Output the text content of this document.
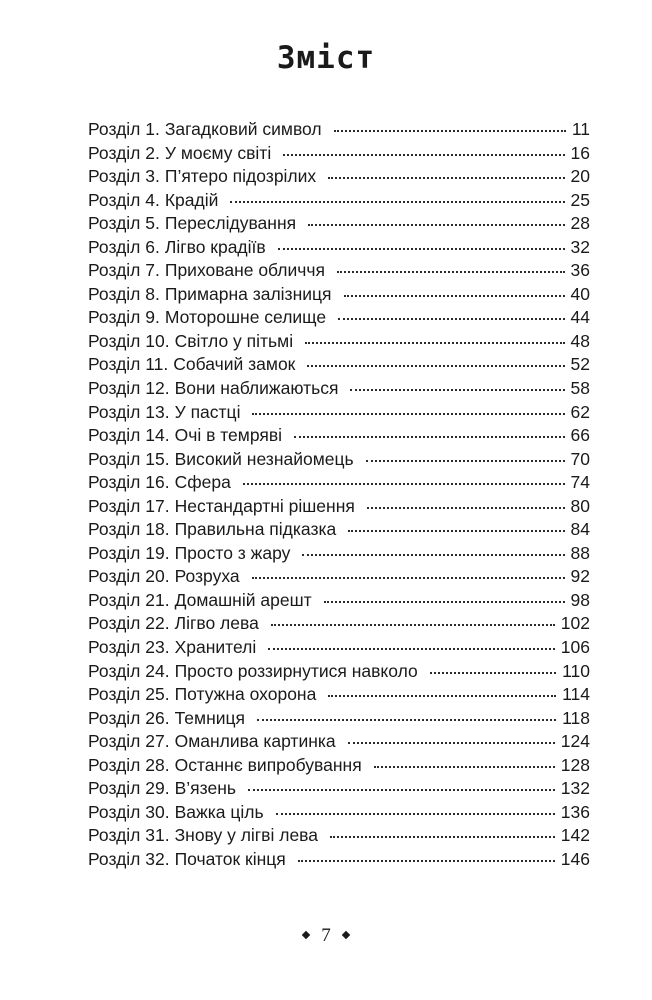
Зміст
Розділ 1. Загадковий символ	11
Розділ 2. У моєму світі	16
Розділ 3. П’ятеро підозрілих	20
Розділ 4. Крадій	25
Розділ 5. Переслідування	28
Розділ 6. Лігво крадіїв	32
Розділ 7. Приховане обличчя	36
Розділ 8. Примарна залізниця	40
Розділ 9. Моторошне селище	44
Розділ 10. Світло у пітьмі	48
Розділ 11. Собачий замок	52
Розділ 12. Вони наближаються	58
Розділ 13. У пастці	62
Розділ 14. Очі в темряві	66
Розділ 15. Високий незнайомець	70
Розділ 16. Сфера	74
Розділ 17. Нестандартні рішення	80
Розділ 18. Правильна підказка	84
Розділ 19. Просто з жару	88
Розділ 20. Розруха	92
Розділ 21. Домашній арешт	98
Розділ 22. Лігво лева	102
Розділ 23. Хранителі	106
Розділ 24. Просто роззирнутися навколо	110
Розділ 25. Потужна охорона	114
Розділ 26. Темниця	118
Розділ 27. Оманлива картинка	124
Розділ 28. Останнє випробування	128
Розділ 29. В’язень	132
Розділ 30. Важка ціль	136
Розділ 31. Знову у лігві лева	142
Розділ 32. Початок кінця	146
7
